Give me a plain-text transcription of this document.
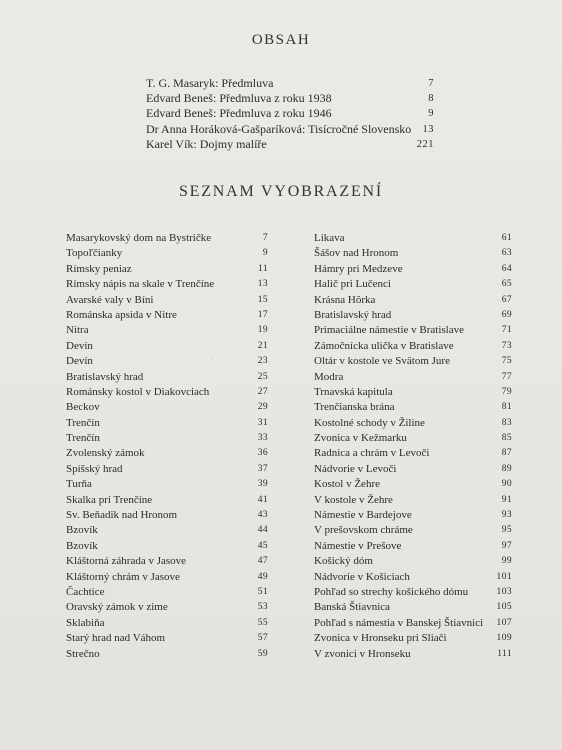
OBSAH
T. G. Masaryk: Předmluva	7
Edvard Beneš: Předmluva z roku 1938	8
Edvard Beneš: Předmluva z roku 1946	9
Dr Anna Horáková-Gašparíková: Tisícročné Slovensko 13
Karel Vík: Dojmy malíře	221
SEZNAM VYOBRAZENÍ
Masarykovský dom na Bystričke	7
Topoľčianky	9
Rímsky peniaz	11
Rímsky nápis na skale v Trenčíne	13
Avarské valy v Bíni	15
Románska apsida v Nitre	17
Nitra	19
Devín	21
Devín	23
Bratislavský hrad	25
Románsky kostol v Diakovciach	27
Beckov	29
Trenčín	31
Trenčín	33
Zvolenský zámok	36
Spišský hrad	37
Turňa	39
Skalka pri Trenčíne	41
Sv. Beňadik nad Hronom	43
Bzovík	44
Bzovík	45
Kláštorná záhrada v Jasove	47
Kláštorný chrám v Jasove	49
Čachtice	51
Oravský zámok v zime	53
Sklabiňa	55
Starý hrad nad Váhom	57
Strečno	59
Likava	61
Šášov nad Hronom	63
Hámry pri Medzeve	64
Halič pri Lučenci	65
Krásna Hôrka	67
Bratislavský hrad	69
Primaciálne námestie v Bratislave	71
Zámočnícka ulička v Bratislave	73
Oltár v kostole ve Svätom Jure	75
Modra	77
Trnavská kapitula	79
Trenčianska brána	81
Kostolné schody v Žiline	83
Zvonica v Kežmarku	85
Radnica a chrám v Levoči	87
Nádvorie v Levoči	89
Kostol v Žehre	90
V kostole v Žehre	91
Námestie v Bardejove	93
V prešovskom chráme	95
Námestie v Prešove	97
Košický dóm	99
Nádvorie v Košiciach	101
Pohľad so strechy košického dómu	103
Banská Štiavnica	105
Pohľad s námestia v Banskej Štiavnici 107
Zvonica v Hronseku pri Sliači	109
V zvonici v Hronseku	111
